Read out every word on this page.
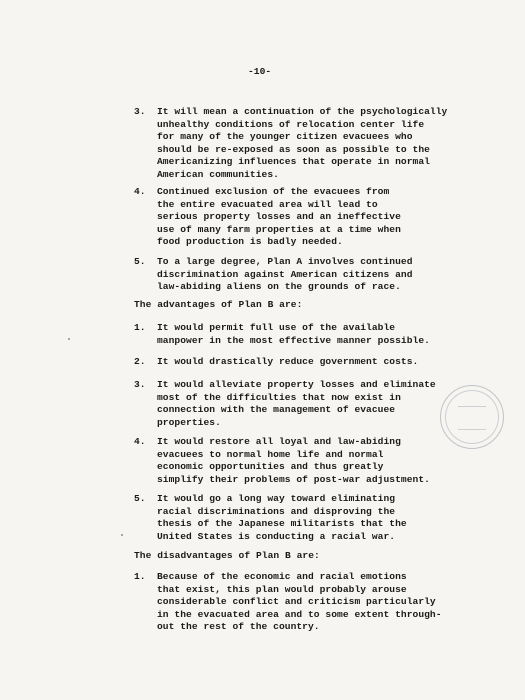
-10-
3. It will mean a continuation of the psychologically
unhealthy conditions of relocation center life
for many of the younger citizen evacuees who
should be re-exposed as soon as possible to the
Americanizing influences that operate in normal
American communities.
4. Continued exclusion of the evacuees from
the entire evacuated area will lead to
serious property losses and an ineffective
use of many farm properties at a time when
food production is badly needed.
5. To a large degree, Plan A involves continued
discrimination against American citizens and
law-abiding aliens on the grounds of race.
The advantages of Plan B are:
1. It would permit full use of the available
manpower in the most effective manner possible.
2. It would drastically reduce government costs.
3. It would alleviate property losses and eliminate
most of the difficulties that now exist in
connection with the management of evacuee
properties.
4. It would restore all loyal and law-abiding
evacuees to normal home life and normal
economic opportunities and thus greatly
simplify their problems of post-war adjustment.
5. It would go a long way toward eliminating
racial discriminations and disproving the
thesis of the Japanese militarists that the
United States is conducting a racial war.
The disadvantages of Plan B are:
1. Because of the economic and racial emotions
that exist, this plan would probably arouse
considerable conflict and criticism particularly
in the evacuated area and to some extent through-
out the rest of the country.
